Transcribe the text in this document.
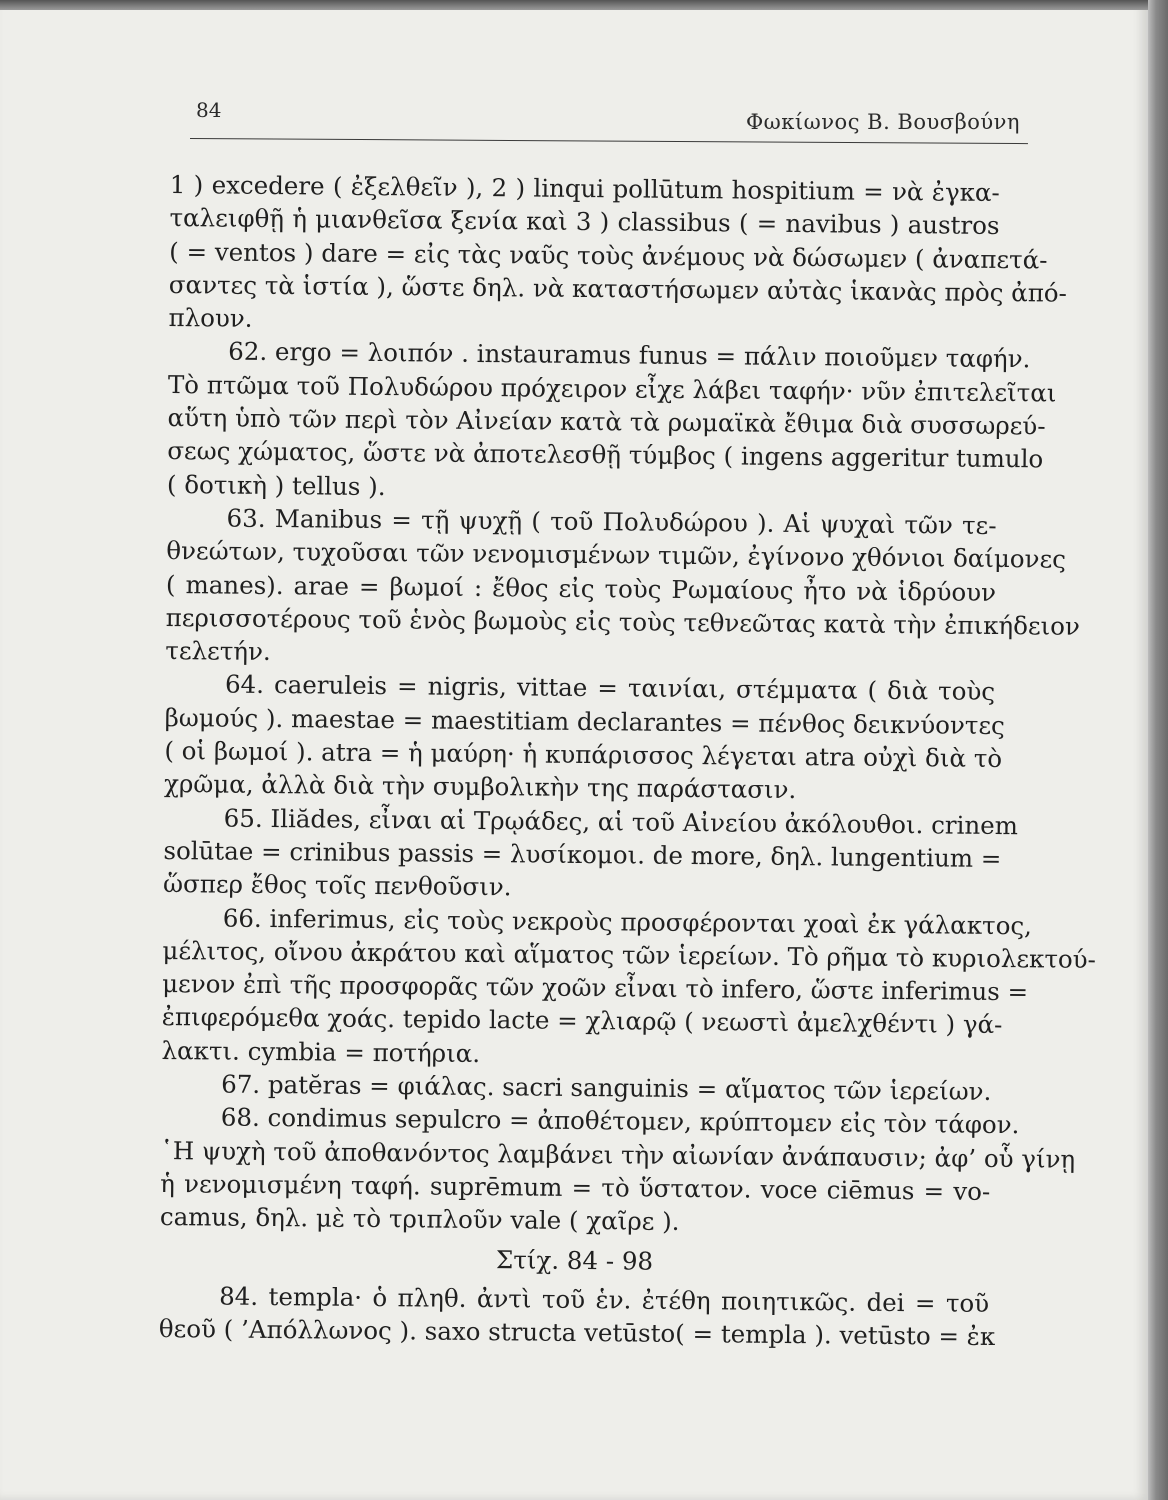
84	Φωκίωνος Β. Βουσβούνη
1 ) excedere ( ἐξελθεῖν ), 2 ) linqui pollūtum hospitium = νὰ ἐγκα-
ταλειφθῇ ἡ μιανθεῖσα ξενία καὶ 3 ) classibus ( = navibus ) austros
( = ventos ) dare = εἰς τὰς ναῦς τοὺς ἀνέμους νὰ δώσωμεν ( ἀναπετά-
σαντες τὰ ἱστία ), ὥστε δηλ. νὰ καταστήσωμεν αὐτὰς ἱκανὰς πρὸς ἀπό-
πλουν.
62. ergo = λοιπόν . instauramus funus = πάλιν ποιοῦμεν ταφήν.
Τὸ πτῶμα τοῦ Πολυδώρου πρόχειρον εἶχε λάβει ταφήν· νῦν ἐπιτελεῖται
αὕτη ὑπὸ τῶν περὶ τὸν Αἰνείαν κατὰ τὰ ρωμαϊκὰ ἔθιμα διὰ συσσωρεύ-
σεως χώματος, ὥστε νὰ ἀποτελεσθῇ τύμβος ( ingens aggeritur tumulo
( δοτικὴ ) tellus ).
63. Manibus = τῇ ψυχῇ ( τοῦ Πολυδώρου ). Αἱ ψυχαὶ τῶν τε-
θνεώτων, τυχοῦσαι τῶν νενομισμένων τιμῶν, ἐγίνονο χθόνιοι δαίμονες
( manes). arae = βωμοί : ἔθος εἰς τοὺς Ρωμαίους ἦτο νὰ ἱδρύουν
περισσοτέρους τοῦ ἑνὸς βωμοὺς εἰς τοὺς τεθνεῶτας κατὰ τὴν ἐπικήδειον
τελετήν.
64. caeruleis = nigris, vittae = ταινίαι, στέμματα ( διὰ τοὺς
βωμούς ). maestae = maestitiam declarantes = πένθος δεικνύοντες
( οἱ βωμοί ). atra = ἡ μαύρη· ἡ κυπάρισσος λέγεται atra οὐχὶ διὰ τὸ
χρῶμα, ἀλλὰ διὰ τὴν συμβολικὴν της παράστασιν.
65. Iliădes, εἶναι αἱ Τρῳάδες, αἱ τοῦ Αἰνείου ἀκόλουθοι. crinem
solūtae = crinibus passis = λυσίκομοι. de more, δηλ. lungentium =
ὥσπερ ἔθος τοῖς πενθοῦσιν.
66. inferimus, εἰς τοὺς νεκροὺς προσφέρονται χοαὶ ἐκ γάλακτος,
μέλιτος, οἴνου ἀκράτου καὶ αἵματος τῶν ἱερείων. Τὸ ρῆμα τὸ κυριολεκτού-
μενον ἐπὶ τῆς προσφορᾶς τῶν χοῶν εἶναι τὸ infero, ὥστε inferimus =
ἐπιφερόμεθα χοάς. tepido lacte = χλιαρῷ ( νεωστὶ ἀμελχθέντι ) γά-
λακτι. cymbia = ποτήρια.
67. patĕras = φιάλας. sacri sanguinis = αἵματος τῶν ἱερείων.
68. condimus sepulcro = ἀποθέτομεν, κρύπτομεν εἰς τὸν τάφον.
῾Η ψυχὴ τοῦ ἀποθανόντος λαμβάνει τὴν αἰωνίαν ἀνάπαυσιν; ἀφ’ οὗ γίνῃ
ἡ νενομισμένη ταφή. suprēmum = τὸ ὕστατον. voce ciēmus = vo-
camus, δηλ. μὲ τὸ τριπλοῦν vale ( χαῖρε ).
Στίχ. 84 - 98
84. templa· ὁ πληθ. ἀντὶ τοῦ ἑν. ἐτέθη ποιητικῶς. dei = τοῦ
θεοῦ ( ’Απόλλωνος ). saxo structa vetūsto( = templa ). vetūsto = ἐκ
